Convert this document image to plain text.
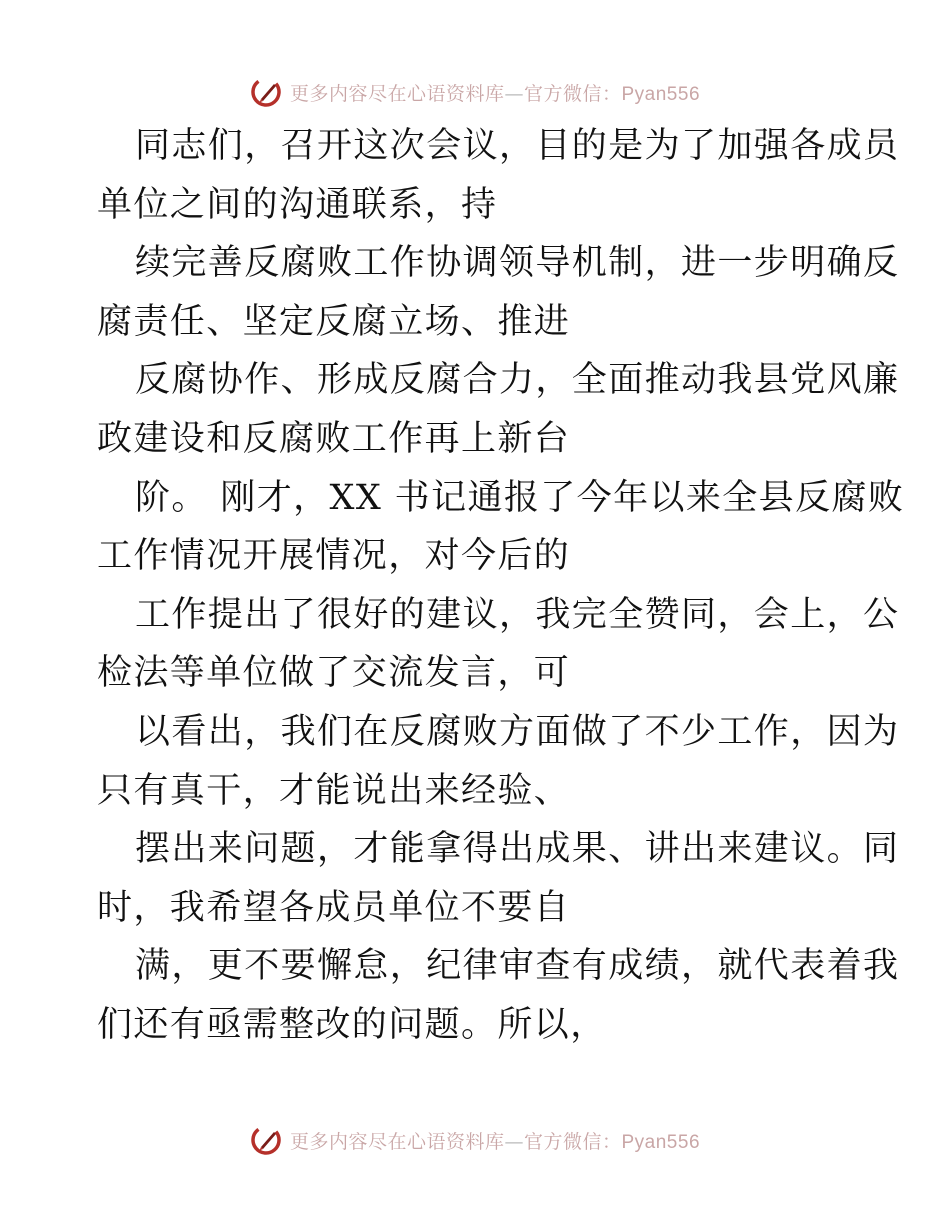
更多内容尽在心语资料库—官方微信：Pyan556
同志们，召开这次会议，目的是为了加强各成员
单位之间的沟通联系，持
续完善反腐败工作协调领导机制，进一步明确反
腐责任、坚定反腐立场、推进
反腐协作、形成反腐合力，全面推动我县党风廉
政建设和反腐败工作再上新台
阶。 刚才，XX 书记通报了今年以来全县反腐败
工作情况开展情况，对今后的
工作提出了很好的建议，我完全赞同，会上，公
检法等单位做了交流发言，可
以看出，我们在反腐败方面做了不少工作，因为
只有真干，才能说出来经验、
摆出来问题，才能拿得出成果、讲出来建议。同
时，我希望各成员单位不要自
满，更不要懈怠，纪律审查有成绩，就代表着我
们还有亟需整改的问题。所以，
更多内容尽在心语资料库—官方微信：Pyan556
